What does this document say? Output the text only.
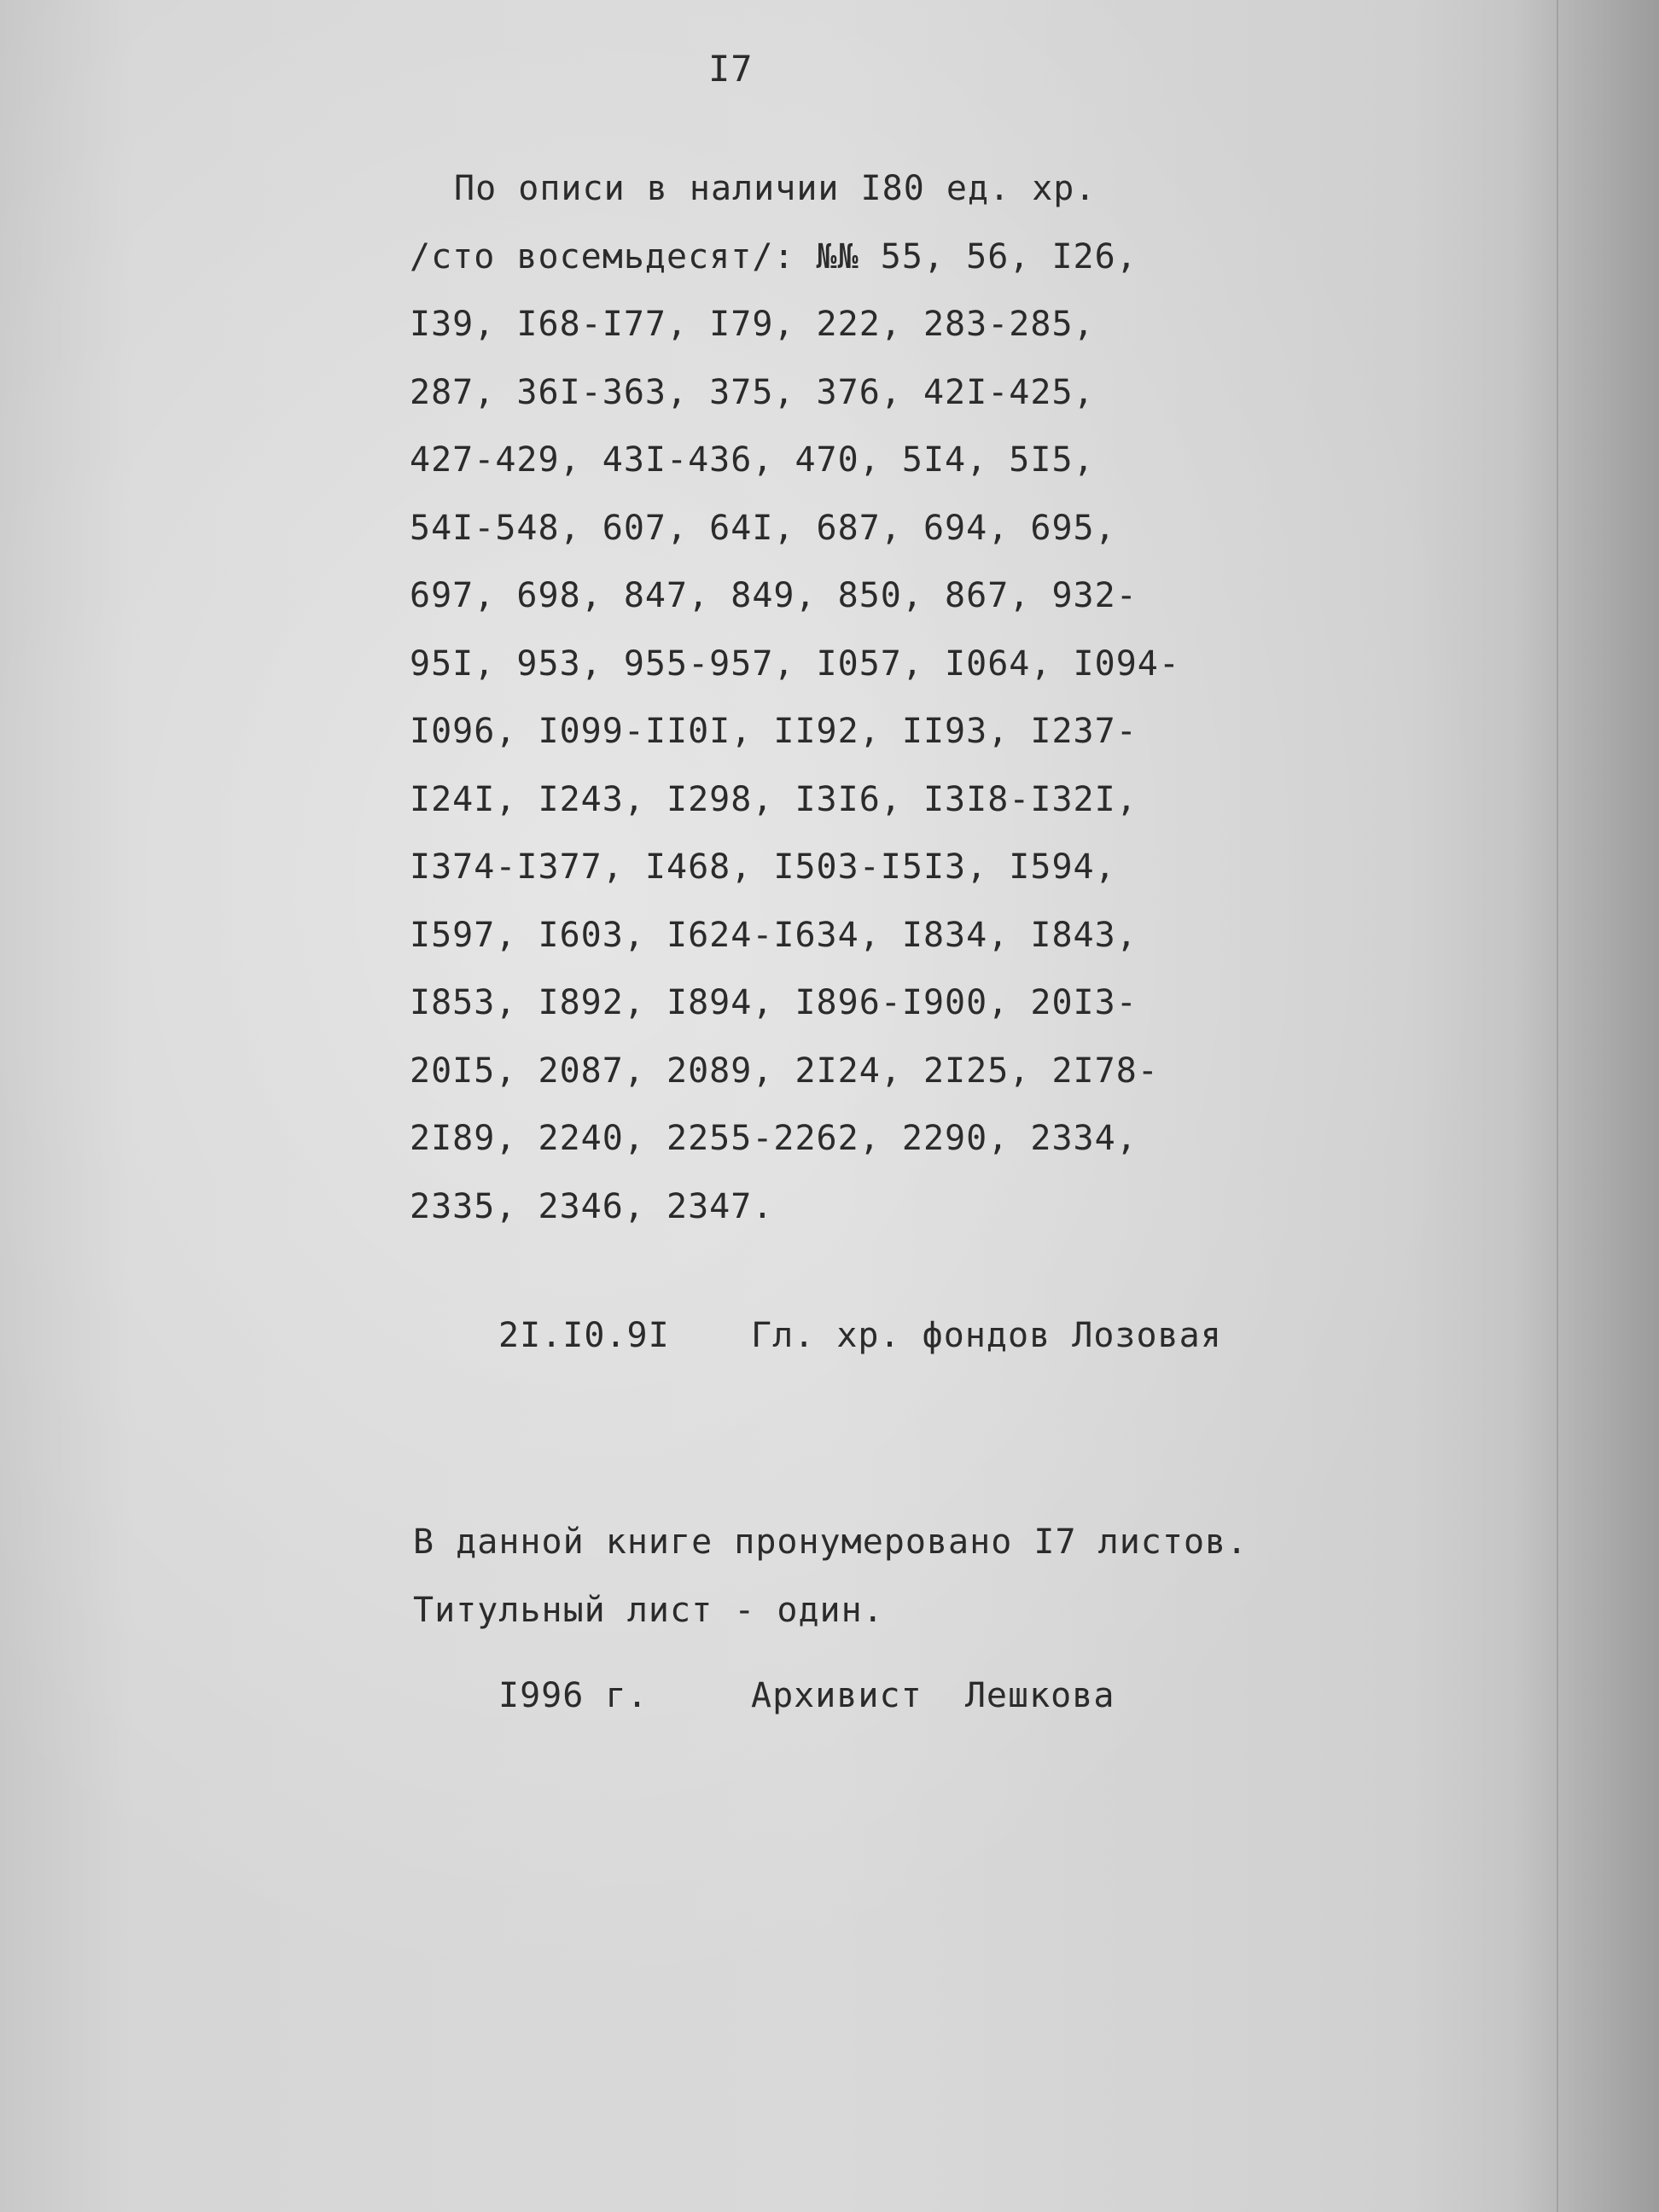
I7
По описи в наличии I80 ед. хр.
/сто восемьдесят/: №№ 55, 56, I26,
I39, I68-I77, I79, 222, 283-285,
287, 36I-363, 375, 376, 42I-425,
427-429, 43I-436, 470, 5I4, 5I5,
54I-548, 607, 64I, 687, 694, 695,
697, 698, 847, 849, 850, 867, 932-
95I, 953, 955-957, I057, I064, I094-
I096, I099-II0I, II92, II93, I237-
I24I, I243, I298, I3I6, I3I8-I32I,
I374-I377, I468, I503-I5I3, I594,
I597, I603, I624-I634, I834, I843,
I853, I892, I894, I896-I900, 20I3-
20I5, 2087, 2089, 2I24, 2I25, 2I78-
2I89, 2240, 2255-2262, 2290, 2334,
2335, 2346, 2347.
2I.I0.9I Гл. хр. фондов Лозовая
В данной книге пронумеровано I7 листов.
Титульный лист - один.
I996 г.	Архивист  Лешкова
